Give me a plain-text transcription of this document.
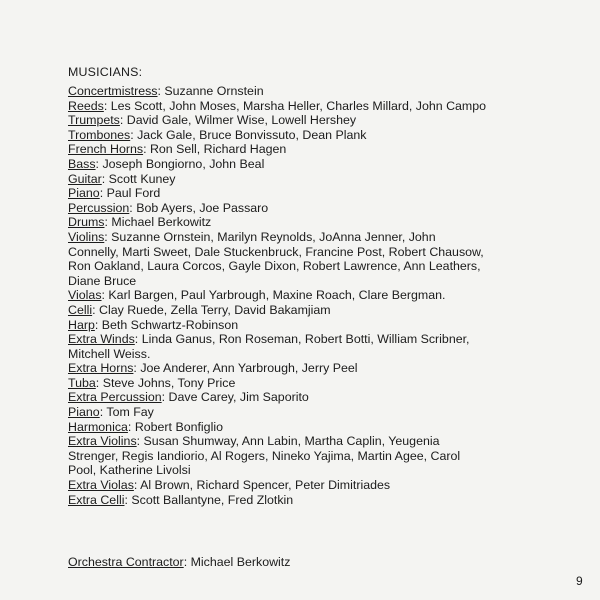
MUSICIANS:

Concertmistress: Suzanne Ornstein

Reeds: Les Scott, John Moses, Marsha Heller, Charles Millard, John Campo

Trumpets: David Gale, Wilmer Wise, Lowell Hershey

Trombones: Jack Gale, Bruce Bonvissuto, Dean Plank

French Horns: Ron Sell, Richard Hagen

Bass: Joseph Bongiorno, John Beal

Guitar: Scott Kuney

Piano: Paul Ford

Percussion: Bob Ayers, Joe Passaro

Drums: Michael Berkowitz

Violins: Suzanne Ornstein, Marilyn Reynolds, JoAnna Jenner, John Connelly, Marti Sweet, Dale Stuckenbruck, Francine Post, Robert Chausow, Ron Oakland, Laura Corcos, Gayle Dixon, Robert Lawrence, Ann Leathers, Diane Bruce

Violas: Karl Bargen, Paul Yarbrough, Maxine Roach, Clare Bergman.

Celli: Clay Ruede, Zella Terry, David Bakamjiam

Harp: Beth Schwartz-Robinson

Extra Winds: Linda Ganus, Ron Roseman, Robert Botti, William Scribner, Mitchell Weiss.

Extra Horns: Joe Anderer, Ann Yarbrough, Jerry Peel

Tuba: Steve Johns, Tony Price

Extra Percussion: Dave Carey, Jim Saporito

Piano: Tom Fay

Harmonica: Robert Bonfiglio

Extra Violins: Susan Shumway, Ann Labin, Martha Caplin, Yeugenia Strenger, Regis Iandiorio, Al Rogers, Nineko Yajima, Martin Agee, Carol Pool, Katherine Livolsi

Extra Violas: Al Brown, Richard Spencer, Peter Dimitriades

Extra Celli: Scott Ballantyne, Fred Zlotkin

Orchestra Contractor: Michael Berkowitz
9
